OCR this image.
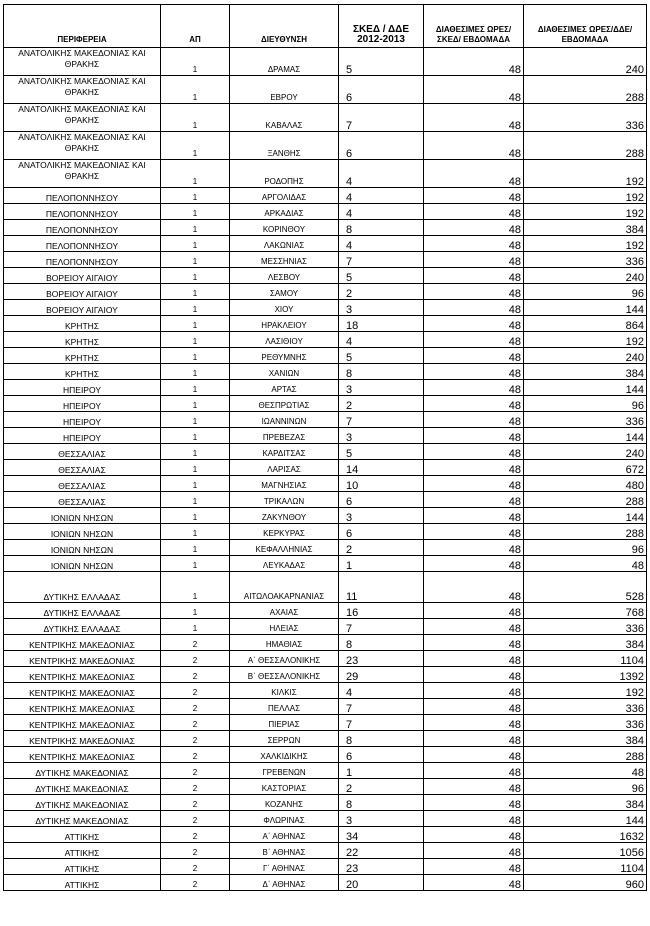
ΠΕΡΙΦΕΡΕΙΑ	ΑΠ	ΔΙΕΥΘΥΝΣΗ	ΣΚΕΔ / ΔΔΕ 2012-2013	ΔΙΑΘΕΣΙΜΕΣ ΩΡΕΣ/ΣΚΕΔ/ ΕΒΔΟΜΑΔΑ	ΔΙΑΘΕΣΙΜΕΣ ΩΡΕΣ/ΔΔΕ/ ΕΒΔΟΜΑΔΑ
ΑΝΑΤΟΛΙΚΗΣ ΜΑΚΕΔΟΝΙΑΣ ΚΑΙ ΘΡΑΚΗΣ	1	ΔΡΑΜΑΣ	5	48	240
ΑΝΑΤΟΛΙΚΗΣ ΜΑΚΕΔΟΝΙΑΣ ΚΑΙ ΘΡΑΚΗΣ	1	ΕΒΡΟΥ	6	48	288
ΑΝΑΤΟΛΙΚΗΣ ΜΑΚΕΔΟΝΙΑΣ ΚΑΙ ΘΡΑΚΗΣ	1	ΚΑΒΑΛΑΣ	7	48	336
ΑΝΑΤΟΛΙΚΗΣ ΜΑΚΕΔΟΝΙΑΣ ΚΑΙ ΘΡΑΚΗΣ	1	ΞΑΝΘΗΣ	6	48	288
ΑΝΑΤΟΛΙΚΗΣ ΜΑΚΕΔΟΝΙΑΣ ΚΑΙ ΘΡΑΚΗΣ	1	ΡΟΔΟΠΗΣ	4	48	192
ΠΕΛΟΠΟΝΝΗΣΟΥ	1	ΑΡΓΟΛΙΔΑΣ	4	48	192
ΠΕΛΟΠΟΝΝΗΣΟΥ	1	ΑΡΚΑΔΙΑΣ	4	48	192
ΠΕΛΟΠΟΝΝΗΣΟΥ	1	ΚΟΡΙΝΘΟΥ	8	48	384
ΠΕΛΟΠΟΝΝΗΣΟΥ	1	ΛΑΚΩΝΙΑΣ	4	48	192
ΠΕΛΟΠΟΝΝΗΣΟΥ	1	ΜΕΣΣΗΝΙΑΣ	7	48	336
ΒΟΡΕΙΟΥ ΑΙΓΑΙΟΥ	1	ΛΕΣΒΟΥ	5	48	240
ΒΟΡΕΙΟΥ ΑΙΓΑΙΟΥ	1	ΣΑΜΟΥ	2	48	96
ΒΟΡΕΙΟΥ ΑΙΓΑΙΟΥ	1	ΧΙΟΥ	3	48	144
ΚΡΗΤΗΣ	1	ΗΡΑΚΛΕΙΟΥ	18	48	864
ΚΡΗΤΗΣ	1	ΛΑΣΙΘΙΟΥ	4	48	192
ΚΡΗΤΗΣ	1	ΡΕΘΥΜΝΗΣ	5	48	240
ΚΡΗΤΗΣ	1	ΧΑΝΙΩΝ	8	48	384
ΗΠΕΙΡΟΥ	1	ΑΡΤΑΣ	3	48	144
ΗΠΕΙΡΟΥ	1	ΘΕΣΠΡΩΤΙΑΣ	2	48	96
ΗΠΕΙΡΟΥ	1	ΙΩΑΝΝΙΝΩΝ	7	48	336
ΗΠΕΙΡΟΥ	1	ΠΡΕΒΕΖΑΣ	3	48	144
ΘΕΣΣΑΛΙΑΣ	1	ΚΑΡΔΙΤΣΑΣ	5	48	240
ΘΕΣΣΑΛΙΑΣ	1	ΛΑΡΙΣΑΣ	14	48	672
ΘΕΣΣΑΛΙΑΣ	1	ΜΑΓΝΗΣΙΑΣ	10	48	480
ΘΕΣΣΑΛΙΑΣ	1	ΤΡΙΚΑΛΩΝ	6	48	288
ΙΟΝΙΩΝ ΝΗΣΩΝ	1	ΖΑΚΥΝΘΟΥ	3	48	144
ΙΟΝΙΩΝ ΝΗΣΩΝ	1	ΚΕΡΚΥΡΑΣ	6	48	288
ΙΟΝΙΩΝ ΝΗΣΩΝ	1	ΚΕΦΑΛΛΗΝΙΑΣ	2	48	96
ΙΟΝΙΩΝ ΝΗΣΩΝ	1	ΛΕΥΚΑΔΑΣ	1	48	48
ΔΥΤΙΚΗΣ ΕΛΛΑΔΑΣ	1	ΑΙΤΩΛΟΑΚΑΡΝΑΝΙΑΣ	11	48	528
ΔΥΤΙΚΗΣ ΕΛΛΑΔΑΣ	1	ΑΧΑΙΑΣ	16	48	768
ΔΥΤΙΚΗΣ ΕΛΛΑΔΑΣ	1	ΗΛΕΙΑΣ	7	48	336
ΚΕΝΤΡΙΚΗΣ ΜΑΚΕΔΟΝΙΑΣ	2	ΗΜΑΘΙΑΣ	8	48	384
ΚΕΝΤΡΙΚΗΣ ΜΑΚΕΔΟΝΙΑΣ	2	Α΄ ΘΕΣΣΑΛΟΝΙΚΗΣ	23	48	1104
ΚΕΝΤΡΙΚΗΣ ΜΑΚΕΔΟΝΙΑΣ	2	Β΄ ΘΕΣΣΑΛΟΝΙΚΗΣ	29	48	1392
ΚΕΝΤΡΙΚΗΣ ΜΑΚΕΔΟΝΙΑΣ	2	ΚΙΛΚΙΣ	4	48	192
ΚΕΝΤΡΙΚΗΣ ΜΑΚΕΔΟΝΙΑΣ	2	ΠΕΛΛΑΣ	7	48	336
ΚΕΝΤΡΙΚΗΣ ΜΑΚΕΔΟΝΙΑΣ	2	ΠΙΕΡΙΑΣ	7	48	336
ΚΕΝΤΡΙΚΗΣ ΜΑΚΕΔΟΝΙΑΣ	2	ΣΕΡΡΩΝ	8	48	384
ΚΕΝΤΡΙΚΗΣ ΜΑΚΕΔΟΝΙΑΣ	2	ΧΑΛΚΙΔΙΚΗΣ	6	48	288
ΔΥΤΙΚΗΣ ΜΑΚΕΔΟΝΙΑΣ	2	ΓΡΕΒΕΝΩΝ	1	48	48
ΔΥΤΙΚΗΣ ΜΑΚΕΔΟΝΙΑΣ	2	ΚΑΣΤΟΡΙΑΣ	2	48	96
ΔΥΤΙΚΗΣ ΜΑΚΕΔΟΝΙΑΣ	2	ΚΟΖΑΝΗΣ	8	48	384
ΔΥΤΙΚΗΣ ΜΑΚΕΔΟΝΙΑΣ	2	ΦΛΩΡΙΝΑΣ	3	48	144
ΑΤΤΙΚΗΣ	2	Α΄ ΑΘΗΝΑΣ	34	48	1632
ΑΤΤΙΚΗΣ	2	Β΄ ΑΘΗΝΑΣ	22	48	1056
ΑΤΤΙΚΗΣ	2	Γ΄ ΑΘΗΝΑΣ	23	48	1104
ΑΤΤΙΚΗΣ	2	Δ΄ ΑΘΗΝΑΣ	20	48	960
